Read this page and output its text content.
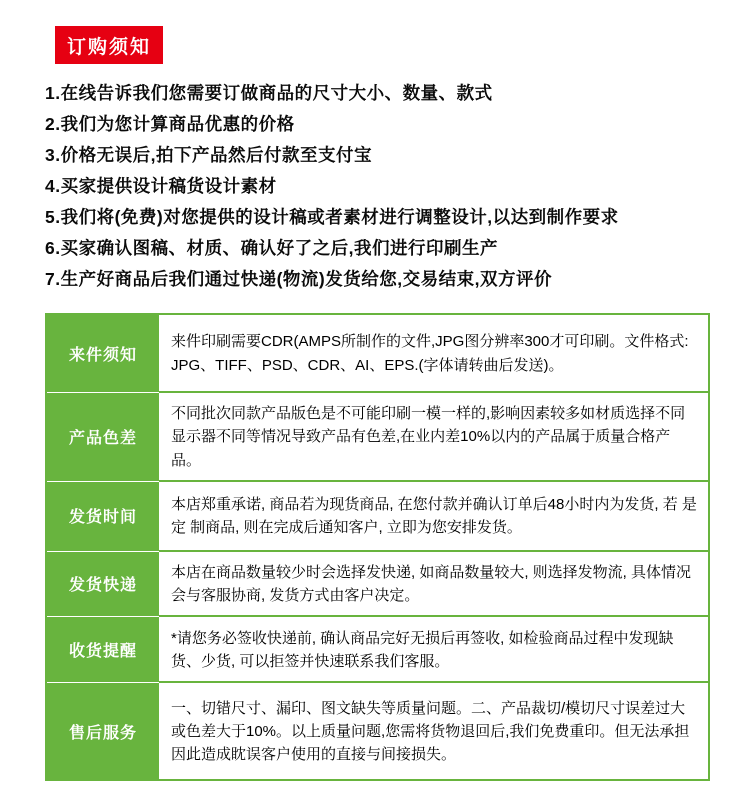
订购须知
1.在线告诉我们您需要订做商品的尺寸大小、数量、款式
2.我们为您计算商品优惠的价格
3.价格无误后,拍下产品然后付款至支付宝
4.买家提供设计稿货设计素材
5.我们将(免费)对您提供的设计稿或者素材进行调整设计,以达到制作要求
6.买家确认图稿、材质、确认好了之后,我们进行印刷生产
7.生产好商品后我们通过快递(物流)发货给您,交易结束,双方评价
来件须知
来件印刷需要CDR(AMPS所制作的文件,JPG图分辨率300才可印刷。文件格式: JPG、TIFF、PSD、CDR、AI、EPS.(字体请转曲后发送)。
产品色差
不同批次同款产品版色是不可能印刷一模一样的,影响因素较多如材质选择不同 显示器不同等情况导致产品有色差,在业内差10%以内的产品属于质量合格产品。
发货时间
本店郑重承诺, 商品若为现货商品, 在您付款并确认订单后48小时内为发货, 若 是定 制商品, 则在完成后通知客户, 立即为您安排发货。
发货快递
本店在商品数量较少时会选择发快递, 如商品数量较大, 则选择发物流, 具体情况会与客服协商, 发货方式由客户决定。
收货提醒
*请您务必签收快递前, 确认商品完好无损后再签收, 如检验商品过程中发现缺货、少货, 可以拒签并快速联系我们客服。
售后服务
一、切错尺寸、漏印、图文缺失等质量问题。二、产品裁切/模切尺寸误差过大或色差大于10%。以上质量问题,您需将货物退回后,我们免费重印。但无法承担因此造成眈误客户使用的直接与间接损失。
